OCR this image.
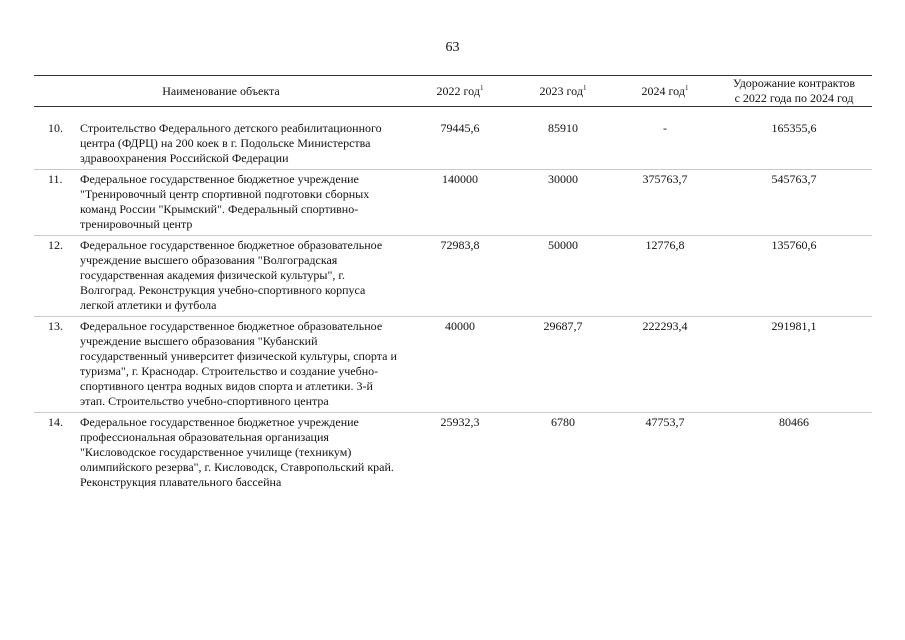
63
Наименование объекта		2022 год$^1$	2023 год$^1$	2024 год$^1$	Удорожание контрактов
с 2022 года по 2024 год
10.	Строительство Федерального детского реабилитационного центра (ФДРЦ) на 200 коек в г. Подольске Министерства здравоохранения Российской Федерации	79445,6	85910	-	165355,6
11.	Федеральное государственное бюджетное учреждение "Тренировочный центр спортивной подготовки сборных команд России "Крымский". Федеральный спортивно-тренировочный центр	140000	30000	375763,7	545763,7
12.	Федеральное государственное бюджетное образовательное учреждение высшего образования "Волгоградская государственная академия физической культуры", г. Волгоград. Реконструкция учебно-спортивного корпуса легкой атлетики и футбола	72983,8	50000	12776,8	135760,6
13.	Федеральное государственное бюджетное образовательное учреждение высшего образования "Кубанский государственный университет физической культуры, спорта и туризма", г. Краснодар. Строительство и создание учебно-спортивного центра водных видов спорта и атлетики. 3-й этап. Строительство учебно-спортивного центра	40000	29687,7	222293,4	291981,1
14.	Федеральное государственное бюджетное учреждение профессиональная образовательная организация "Кисловодское государственное училище (техникум) олимпийского резерва", г. Кисловодск, Ставропольский край. Реконструкция плавательного бассейна	25932,3	6780	47753,7	80466
